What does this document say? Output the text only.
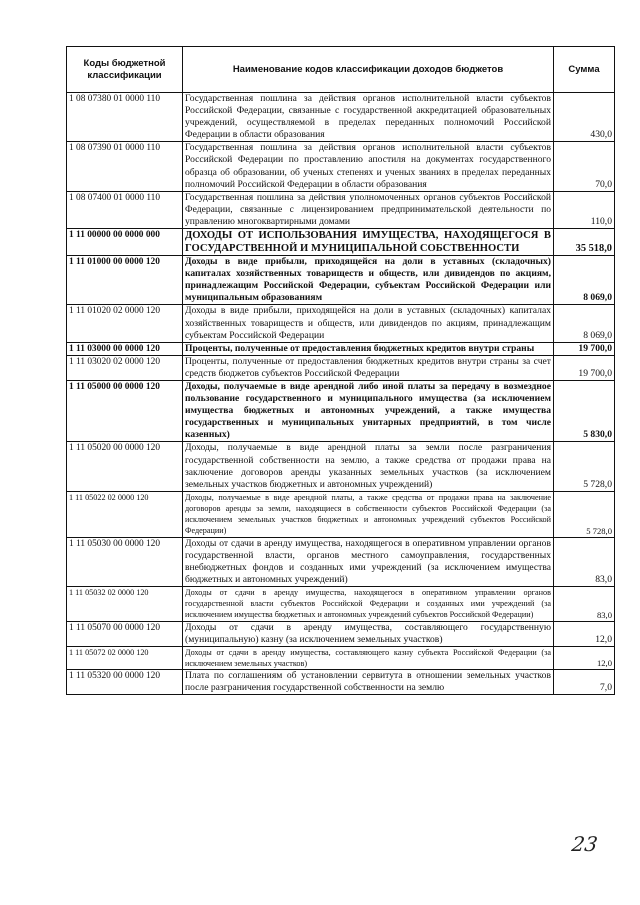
Коды бюджетной классификации	Наименование кодов классификации доходов бюджетов	Сумма
1 08 07380 01 0000 110	Государственная пошлина за действия органов исполнительной власти субъектов Российской Федерации, связанные с государственной аккредитацией образовательных учреждений, осуществляемой в пределах переданных полномочий Российской Федерации в области образования	430,0
1 08 07390 01 0000 110	Государственная пошлина за действия органов исполнительной власти субъектов Российской Федерации по проставлению апостиля на документах государственного образца об образовании, об ученых степенях и ученых званиях в пределах переданных полномочий Российской Федерации в области образования	70,0
1 08 07400 01 0000 110	Государственная пошлина за действия уполномоченных органов субъектов Российской Федерации, связанные с лицензированием предпринимательской деятельности по управлению многоквартирными домами	110,0
1 11 00000 00 0000 000	ДОХОДЫ ОТ ИСПОЛЬЗОВАНИЯ ИМУЩЕСТВА, НАХОДЯЩЕГОСЯ В ГОСУДАРСТВЕННОЙ И МУНИЦИПАЛЬНОЙ СОБСТВЕННОСТИ	35 518,0
1 11 01000 00 0000 120	Доходы в виде прибыли, приходящейся на доли в уставных (складочных) капиталах хозяйственных товариществ и обществ, или дивидендов по акциям, принадлежащим Российской Федерации, субъектам Российской Федерации или муниципальным образованиям	8 069,0
1 11 01020 02 0000 120	Доходы в виде прибыли, приходящейся на доли в уставных (складочных) капиталах хозяйственных товариществ и обществ, или дивидендов по акциям, принадлежащим субъектам Российской Федерации	8 069,0
1 11 03000 00 0000 120	Проценты, полученные от предоставления бюджетных кредитов внутри страны	19 700,0
1 11 03020 02 0000 120	Проценты, полученные от предоставления бюджетных кредитов внутри страны за счет средств бюджетов субъектов Российской Федерации	19 700,0
1 11 05000 00 0000 120	Доходы, получаемые в виде арендной либо иной платы за передачу в возмездное пользование государственного и муниципального имущества (за исключением имущества бюджетных и автономных учреждений, а также имущества государственных и муниципальных унитарных предприятий, в том числе казенных)	5 830,0
1 11 05020 00 0000 120	Доходы, получаемые в виде арендной платы за земли после разграничения государственной собственности на землю, а также средства от продажи права на заключение договоров аренды указанных земельных участков (за исключением земельных участков бюджетных и автономных учреждений)	5 728,0
1 11 05022 02 0000 120	Доходы, получаемые в виде арендной платы, а также средства от продажи права на заключение договоров аренды за земли, находящиеся в собственности субъектов Российской Федерации (за исключением земельных участков бюджетных и автономных учреждений субъектов Российской Федерации)	5 728,0
1 11 05030 00 0000 120	Доходы от сдачи в аренду имущества, находящегося в оперативном управлении органов государственной власти, органов местного самоуправления, государственных внебюджетных фондов и созданных ими учреждений (за исключением имущества бюджетных и автономных учреждений)	83,0
1 11 05032 02 0000 120	Доходы от сдачи в аренду имущества, находящегося в оперативном управлении органов государственной власти субъектов Российской Федерации и созданных ими учреждений (за исключением имущества бюджетных и автономных учреждений субъектов Российской Федерации)	83,0
1 11 05070 00 0000 120	Доходы от сдачи в аренду имущества, составляющего государственную (муниципальную) казну (за исключением земельных участков)	12,0
1 11 05072 02 0000 120	Доходы от сдачи в аренду имущества, составляющего казну субъекта Российской Федерации (за исключением земельных участков)	12,0
1 11 05320 00 0000 120	Плата по соглашениям об установлении сервитута в отношении земельных участков после разграничения государственной собственности на землю	7,0
23
